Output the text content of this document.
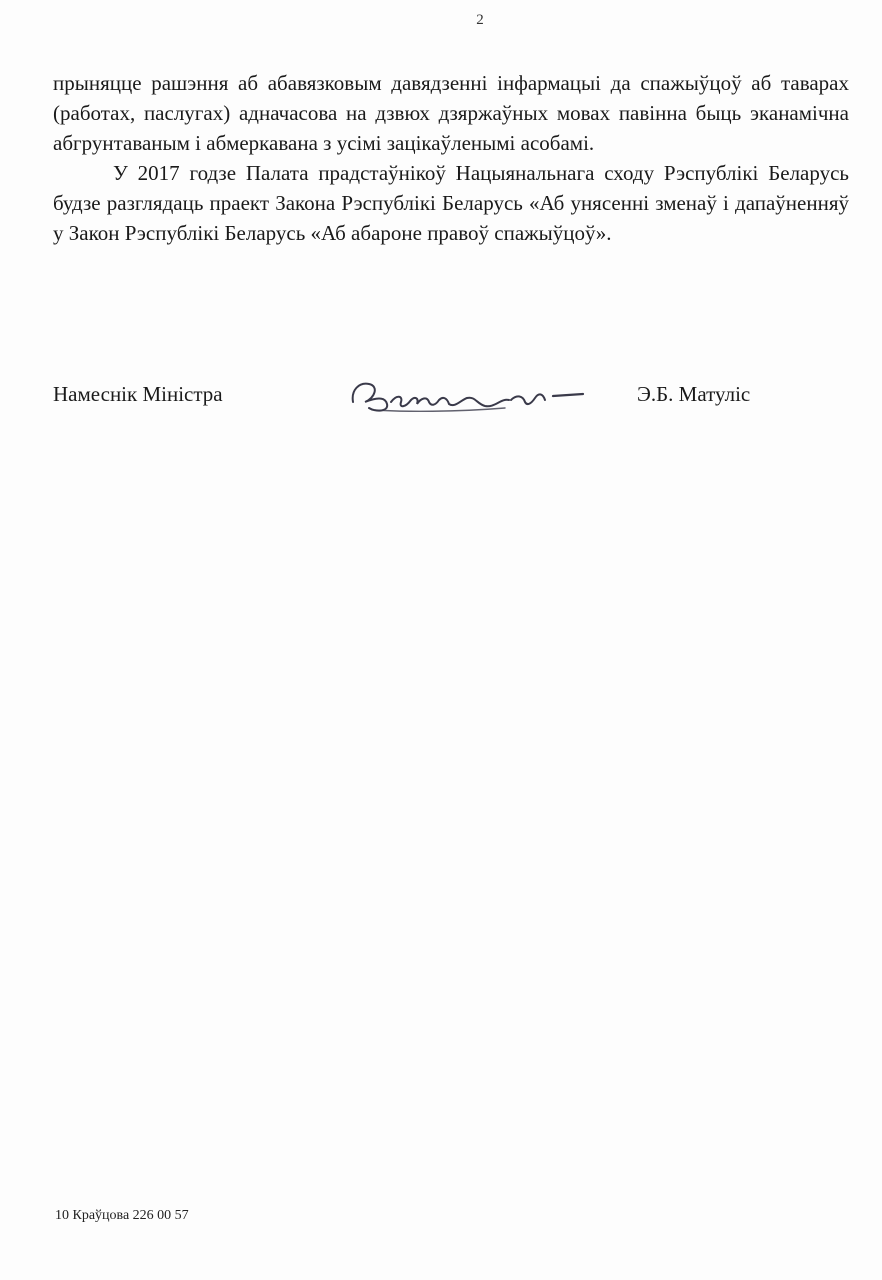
2

прыняцце рашэння аб абавязковым давядзенні інфармацыі да спажыўцоў аб таварах (работах, паслугах) адначасова на дзвюх дзяржаўных мовах павінна быць эканамічна абгрунтаваным і абмеркавана з усімі зацікаўленымі асобамі.

У 2017 годзе Палата прадстаўнікоў Нацыянальнага сходу Рэспублікі Беларусь будзе разглядаць праект Закона Рэспублікі Беларусь «Аб унясенні зменаў і дапаўненняў у Закон Рэспублікі Беларусь «Аб абароне правоў спажыўцоў».

Намеснік Міністра	Э.Б. Матуліс
10 Краўцова 226 00 57
